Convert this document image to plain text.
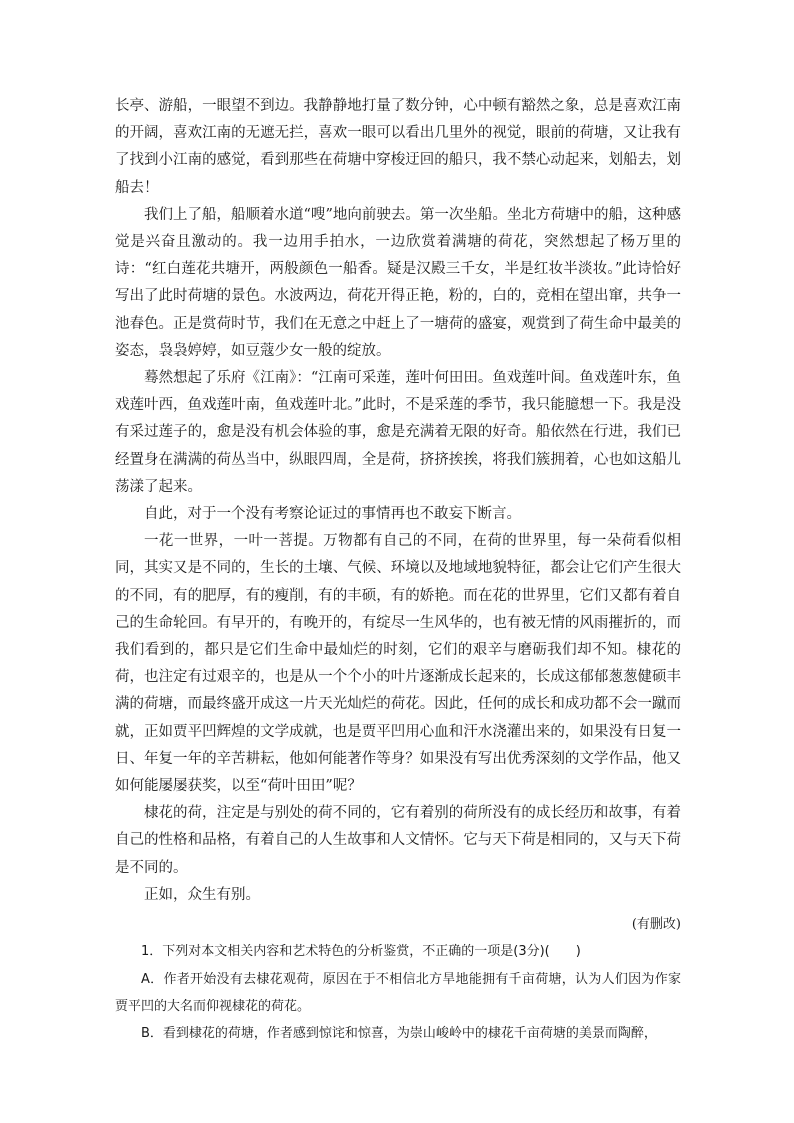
长亭、游船，一眼望不到边。我静静地打量了数分钟，心中顿有豁然之象，总是喜欢江南的开阔，喜欢江南的无遮无拦，喜欢一眼可以看出几里外的视觉，眼前的荷塘，又让我有了找到小江南的感觉，看到那些在荷塘中穿梭迂回的船只，我不禁心动起来，划船去，划船去！

我们上了船，船顺着水道“嗖”地向前驶去。第一次坐船。坐北方荷塘中的船，这种感觉是兴奋且激动的。我一边用手拍水，一边欣赏着满塘的荷花，突然想起了杨万里的诗：“红白莲花共塘开，两般颜色一船香。疑是汉殿三千女，半是红妆半淡妆。”此诗恰好写出了此时荷塘的景色。水波两边，荷花开得正艳，粉的，白的，竞相在望出窜，共争一池春色。正是赏荷时节，我们在无意之中赶上了一塘荷的盛宴，观赏到了荷生命中最美的姿态，袅袅婷婷，如豆蔻少女一般的绽放。

蓦然想起了乐府《江南》：“江南可采莲，莲叶何田田。鱼戏莲叶间。鱼戏莲叶东，鱼戏莲叶西，鱼戏莲叶南，鱼戏莲叶北。”此时，不是采莲的季节，我只能臆想一下。我是没有采过莲子的，愈是没有机会体验的事，愈是充满着无限的好奇。船依然在行进，我们已经置身在满满的荷丛当中，纵眼四周，全是荷，挤挤挨挨，将我们簇拥着，心也如这船儿荡漾了起来。

自此，对于一个没有考察论证过的事情再也不敢妄下断言。

一花一世界，一叶一菩提。万物都有自己的不同，在荷的世界里，每一朵荷看似相同，其实又是不同的，生长的土壤、气候、环境以及地域地貌特征，都会让它们产生很大的不同，有的肥厚，有的瘦削，有的丰硕，有的娇艳。而在花的世界里，它们又都有着自己的生命轮回。有早开的，有晚开的，有绽尽一生风华的，也有被无情的风雨摧折的，而我们看到的，都只是它们生命中最灿烂的时刻，它们的艰辛与磨砺我们却不知。棣花的荷，也注定有过艰辛的，也是从一个个小的叶片逐渐成长起来的，长成这郁郁葱葱健硕丰满的荷塘，而最终盛开成这一片天光灿烂的荷花。因此，任何的成长和成功都不会一蹴而就，正如贾平凹辉煌的文学成就，也是贾平凹用心血和汗水浇灌出来的，如果没有日复一日、年复一年的辛苦耕耘，他如何能著作等身？如果没有写出优秀深刻的文学作品，他又如何能屡屡获奖，以至“荷叶田田”呢？

棣花的荷，注定是与别处的荷不同的，它有着别的荷所没有的成长经历和故事，有着自己的性格和品格，有着自己的人生故事和人文情怀。它与天下荷是相同的，又与天下荷是不同的。

正如，众生有别。

(有删改)

1．下列对本文相关内容和艺术特色的分析鉴赏，不正确的一项是(3分)(　　)

A．作者开始没有去棣花观荷，原因在于不相信北方旱地能拥有千亩荷塘，认为人们因为作家贾平凹的大名而仰视棣花的荷花。

B．看到棣花的荷塘，作者感到惊诧和惊喜，为崇山峻岭中的棣花千亩荷塘的美景而陶醉，
